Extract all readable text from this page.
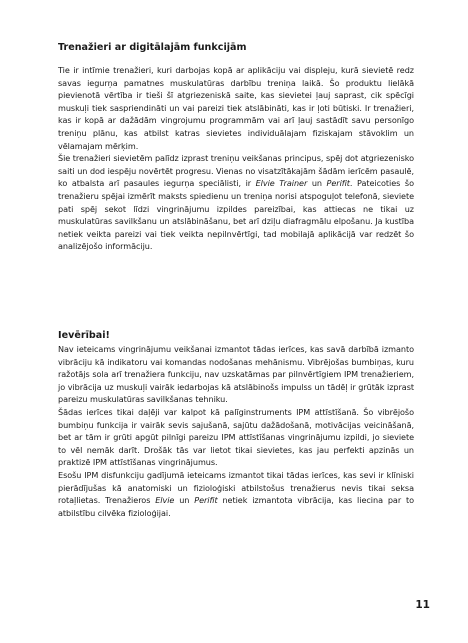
Trenažieri ar digitālajām funkcijām

Tie ir intīmie trenažieri, kuri darbojas kopā ar aplikāciju vai displeju, kurā sievietē redz savas iegurņa pamatnes muskulatūras darbību treniņa laikā. Šo produktu lielākā pievienotā vērtība ir tieši šī atgriezeniskā saite, kas sievietei ļauj saprast, cik spēcīgi muskuļi tiek saspriendināti un vai pareizi tiek atslābināti, kas ir ļoti būtiski. Ir trenažieri, kas ir kopā ar dažādām vingrojumu programmām vai arī ļauj sastādīt savu personīgo treniņu plānu, kas atbilst katras sievietes individuālajam fiziskajam stāvoklim un vēlamajam mērķim.

Šie trenažieri sievietēm palīdz izprast treniņu veikšanas principus, spēj dot atgriezenisko saiti un dod iespēju novērtēt progresu. Vienas no visatzītākajām šādām ierīcēm pasaulē, ko atbalsta arī pasaules iegurņa speciālisti, ir Elvie Trainer un Perifit. Pateicoties šo trenažieru spējai izmērīt maksts spiedienu un treniņa norisi atspoguļot telefonā, sieviete pati spēj sekot līdzi vingrinājumu izpildes pareizībai, kas attiecas ne tikai uz muskulatūras savilkšanu un atslābināšanu, bet arī dziļu diafragmālu elpošanu. Ja kustība netiek veikta pareizi vai tiek veikta nepilnvērtīgi, tad mobilajā aplikācijā var redzēt šo analizējošo informāciju.

Ievērībai!

Nav ieteicams vingrinājumu veikšanai izmantot tādas ierīces, kas savā darbībā izmanto vibrāciju kā indikatoru vai komandas nodošanas mehānismu. Vibrējošas bumbiņas, kuru ražotājs sola arī trenažiera funkciju, nav uzskatāmas par pilnvērtīgiem IPM trenažieriem, jo vibrācija uz muskuļi vairāk iedarbojas kā atslābinošs impulss un tādēļ ir grūtāk izprast pareizu muskulatūras savilkšanas tehniku.

Šādas ierīces tikai daļēji var kalpot kā palīginstruments IPM attīstīšanā. Šo vibrējošo bumbiņu funkcija ir vairāk sevis sajušanā, sajūtu dažādošanā, motivācijas veicināšanā, bet ar tām ir grūti apgūt pilnīgi pareizu IPM attīstīšanas vingrinājumu izpildi, jo sieviete to vēl nemāk darīt. Drošāk tās var lietot tikai sievietes, kas jau perfekti apzinās un praktizē IPM attīstīšanas vingrinājumus.

Esošu IPM disfunkciju gadījumā ieteicams izmantot tikai tādas ierīces, kas sevi ir klīniski pierādījušas kā anatomiski un fizioloģiski atbilstošus trenažierus nevis tikai seksa rotaļlietas. Trenažieros Elvie un Perifit netiek izmantota vibrācija, kas liecina par to atbilstību cilvēka fizioloģijai.

11
